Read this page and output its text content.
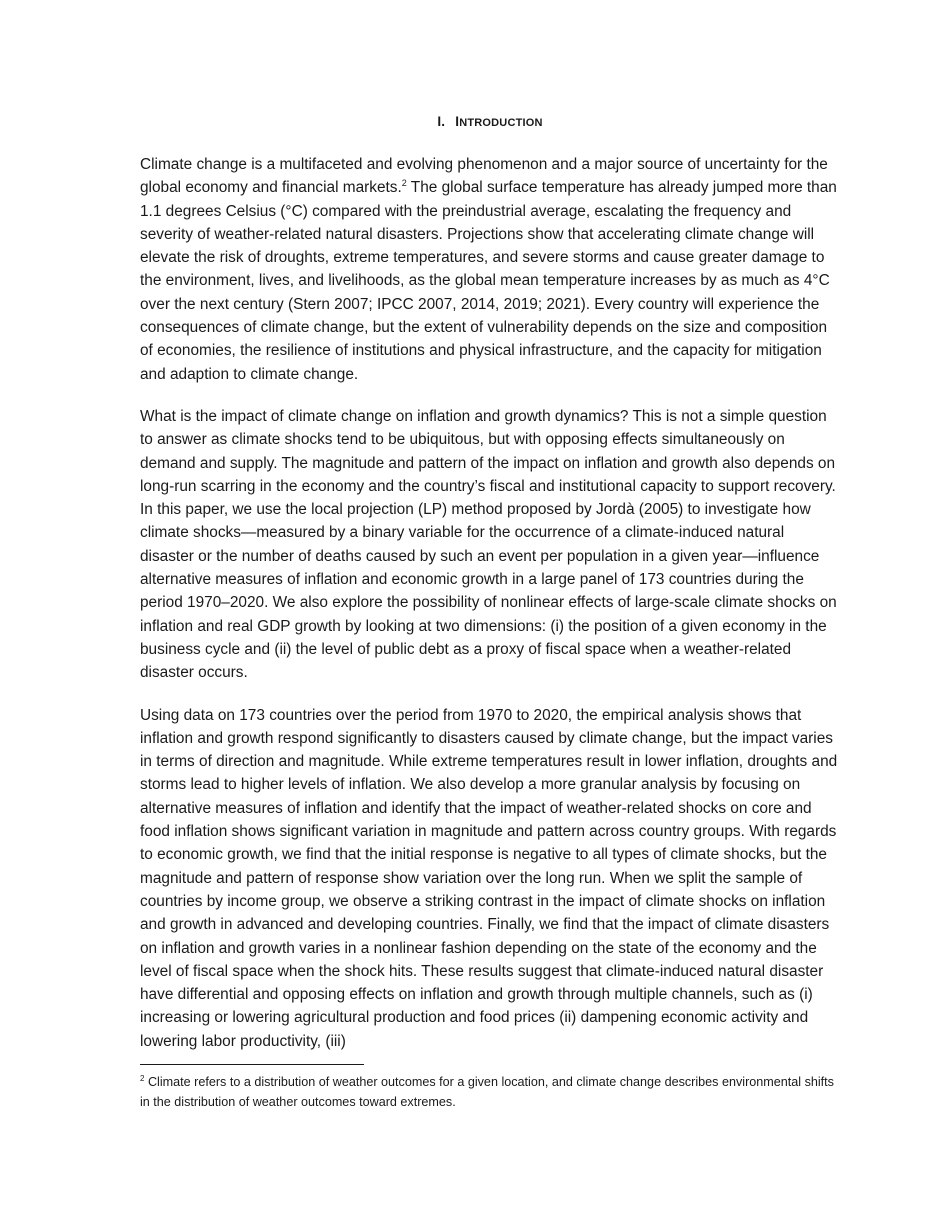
I. INTRODUCTION

Climate change is a multifaceted and evolving phenomenon and a major source of uncertainty for the global economy and financial markets.$^2$ The global surface temperature has already jumped more than 1.1 degrees Celsius (°C) compared with the preindustrial average, escalating the frequency and severity of weather-related natural disasters. Projections show that accelerating climate change will elevate the risk of droughts, extreme temperatures, and severe storms and cause greater damage to the environment, lives, and livelihoods, as the global mean temperature increases by as much as 4°C over the next century (Stern 2007; IPCC 2007, 2014, 2019; 2021). Every country will experience the consequences of climate change, but the extent of vulnerability depends on the size and composition of economies, the resilience of institutions and physical infrastructure, and the capacity for mitigation and adaption to climate change.

What is the impact of climate change on inflation and growth dynamics? This is not a simple question to answer as climate shocks tend to be ubiquitous, but with opposing effects simultaneously on demand and supply. The magnitude and pattern of the impact on inflation and growth also depends on long-run scarring in the economy and the country’s fiscal and institutional capacity to support recovery. In this paper, we use the local projection (LP) method proposed by Jordà (2005) to investigate how climate shocks—measured by a binary variable for the occurrence of a climate-induced natural disaster or the number of deaths caused by such an event per population in a given year—influence alternative measures of inflation and economic growth in a large panel of 173 countries during the period 1970–2020. We also explore the possibility of nonlinear effects of large-scale climate shocks on inflation and real GDP growth by looking at two dimensions: (i) the position of a given economy in the business cycle and (ii) the level of public debt as a proxy of fiscal space when a weather-related disaster occurs.

Using data on 173 countries over the period from 1970 to 2020, the empirical analysis shows that inflation and growth respond significantly to disasters caused by climate change, but the impact varies in terms of direction and magnitude. While extreme temperatures result in lower inflation, droughts and storms lead to higher levels of inflation. We also develop a more granular analysis by focusing on alternative measures of inflation and identify that the impact of weather-related shocks on core and food inflation shows significant variation in magnitude and pattern across country groups. With regards to economic growth, we find that the initial response is negative to all types of climate shocks, but the magnitude and pattern of response show variation over the long run. When we split the sample of countries by income group, we observe a striking contrast in the impact of climate shocks on inflation and growth in advanced and developing countries. Finally, we find that the impact of climate disasters on inflation and growth varies in a nonlinear fashion depending on the state of the economy and the level of fiscal space when the shock hits. These results suggest that climate-induced natural disaster have differential and opposing effects on inflation and growth through multiple channels, such as (i) increasing or lowering agricultural production and food prices (ii) dampening economic activity and lowering labor productivity, (iii)

$^2$ Climate refers to a distribution of weather outcomes for a given location, and climate change describes environmental shifts in the distribution of weather outcomes toward extremes.
